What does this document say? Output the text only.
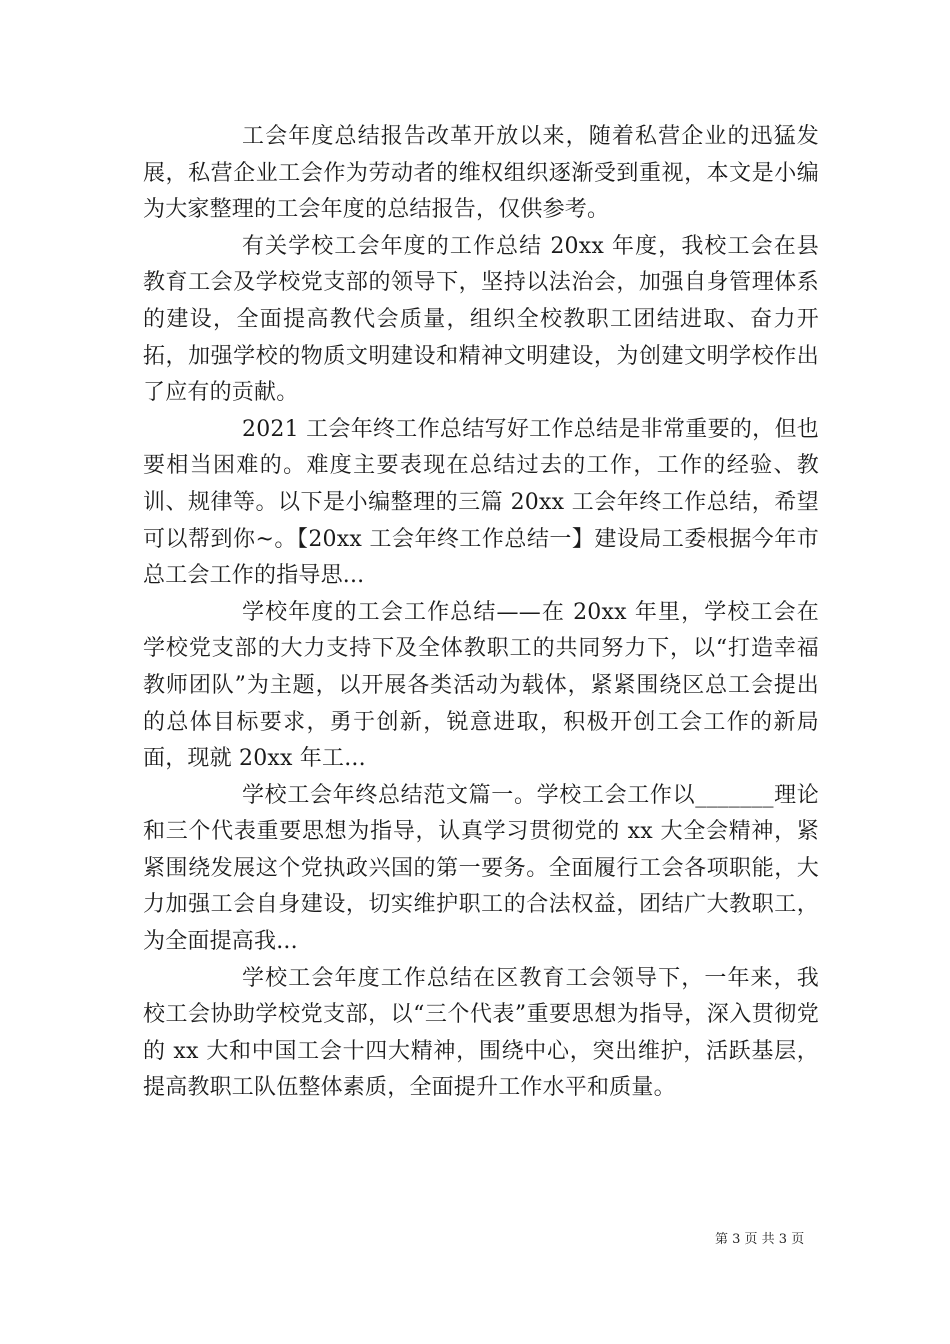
工会年度总结报告改革开放以来，随着私营企业的迅猛发展，私营企业工会作为劳动者的维权组织逐渐受到重视，本文是小编为大家整理的工会年度的总结报告，仅供参考。

有关学校工会年度的工作总结 20xx 年度，我校工会在县教育工会及学校党支部的领导下，坚持以法治会，加强自身管理体系的建设，全面提高教代会质量，组织全校教职工团结进取、奋力开拓，加强学校的物质文明建设和精神文明建设，为创建文明学校作出了应有的贡献。

2021 工会年终工作总结写好工作总结是非常重要的，但也要相当困难的。难度主要表现在总结过去的工作，工作的经验、教训、规律等。以下是小编整理的三篇 20xx 工会年终工作总结，希望可以帮到你~。【20xx 工会年终工作总结一】建设局工委根据今年市总工会工作的指导思...

学校年度的工会工作总结——在 20xx 年里，学校工会在学校党支部的大力支持下及全体教职工的共同努力下，以“打造幸福教师团队”为主题，以开展各类活动为载体，紧紧围绕区总工会提出的总体目标要求，勇于创新，锐意进取，积极开创工会工作的新局面，现就 20xx 年工...

学校工会年终总结范文篇一。学校工会工作以_______理论和三个代表重要思想为指导，认真学习贯彻党的 xx 大全会精神，紧紧围绕发展这个党执政兴国的第一要务。全面履行工会各项职能，大力加强工会自身建设，切实维护职工的合法权益，团结广大教职工，为全面提高我...

学校工会年度工作总结在区教育工会领导下，一年来，我校工会协助学校党支部，以“三个代表”重要思想为指导，深入贯彻党的 xx 大和中国工会十四大精神，围绕中心，突出维护，活跃基层，提高教职工队伍整体素质，全面提升工作水平和质量。

第 3 页 共 3 页
